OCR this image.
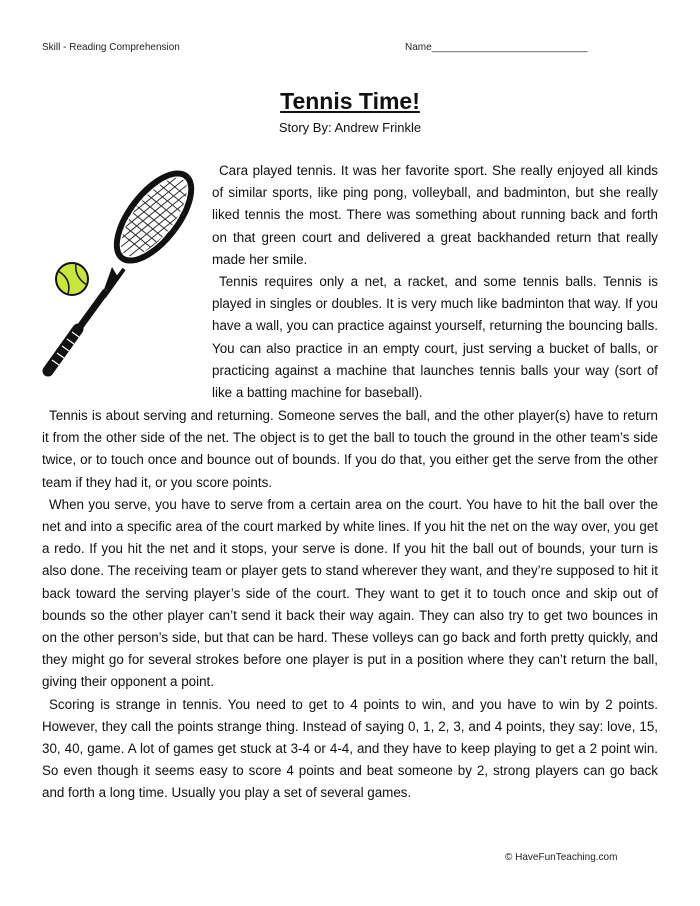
Skill - Reading Comprehension	Name____________________________
Tennis Time!
Story By: Andrew Frinkle

Cara played tennis. It was her favorite sport. She really enjoyed all kinds of similar sports, like ping pong, volleyball, and badminton, but she really liked tennis the most. There was something about running back and forth on that green court and delivered a great backhanded return that really made her smile.

Tennis requires only a net, a racket, and some tennis balls. Tennis is played in singles or doubles. It is very much like badminton that way. If you have a wall, you can practice against yourself, returning the bouncing balls. You can also practice in an empty court, just serving a bucket of balls, or practicing against a machine that launches tennis balls your way (sort of like a batting machine for baseball).

Tennis is about serving and returning. Someone serves the ball, and the other player(s) have to return it from the other side of the net. The object is to get the ball to touch the ground in the other team’s side twice, or to touch once and bounce out of bounds. If you do that, you either get the serve from the other team if they had it, or you score points.

When you serve, you have to serve from a certain area on the court. You have to hit the ball over the net and into a specific area of the court marked by white lines. If you hit the net on the way over, you get a redo. If you hit the net and it stops, your serve is done. If you hit the ball out of bounds, your turn is also done. The receiving team or player gets to stand wherever they want, and they’re supposed to hit it back toward the serving player’s side of the court. They want to get it to touch once and skip out of bounds so the other player can’t send it back their way again. They can also try to get two bounces in on the other person’s side, but that can be hard. These volleys can go back and forth pretty quickly, and they might go for several strokes before one player is put in a position where they can’t return the ball, giving their opponent a point.

Scoring is strange in tennis. You need to get to 4 points to win, and you have to win by 2 points. However, they call the points strange thing. Instead of saying 0, 1, 2, 3, and 4 points, they say: love, 15, 30, 40, game. A lot of games get stuck at 3-4 or 4-4, and they have to keep playing to get a 2 point win. So even though it seems easy to score 4 points and beat someone by 2, strong players can go back and forth a long time. Usually you play a set of several games.

© HaveFunTeaching.com
